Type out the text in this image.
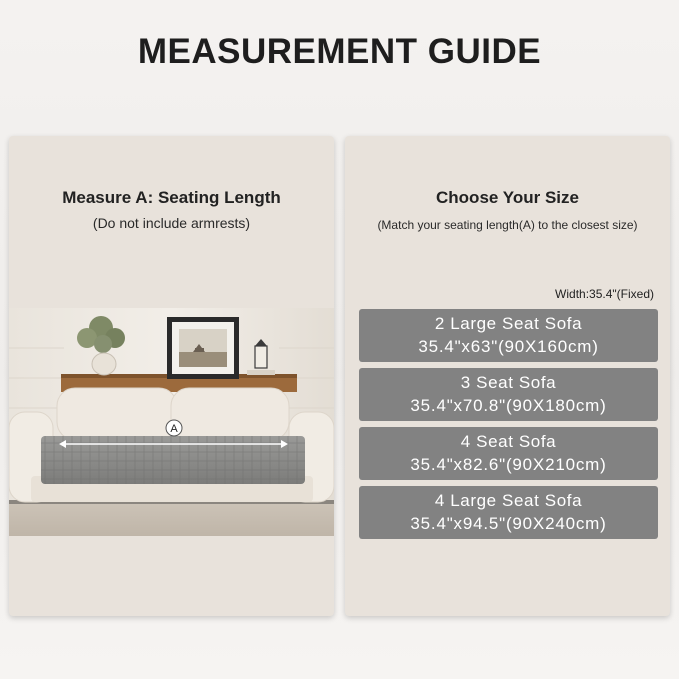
MEASUREMENT GUIDE
Measure A: Seating Length
(Do not include armrests)
A
Choose Your Size
(Match your seating length(A) to the closest size)
Width:35.4"(Fixed)
2 Large Seat Sofa
35.4"x63"(90X160cm)
3 Seat Sofa
35.4"x70.8"(90X180cm)
4 Seat Sofa
35.4"x82.6"(90X210cm)
4 Large Seat Sofa
35.4"x94.5"(90X240cm)
